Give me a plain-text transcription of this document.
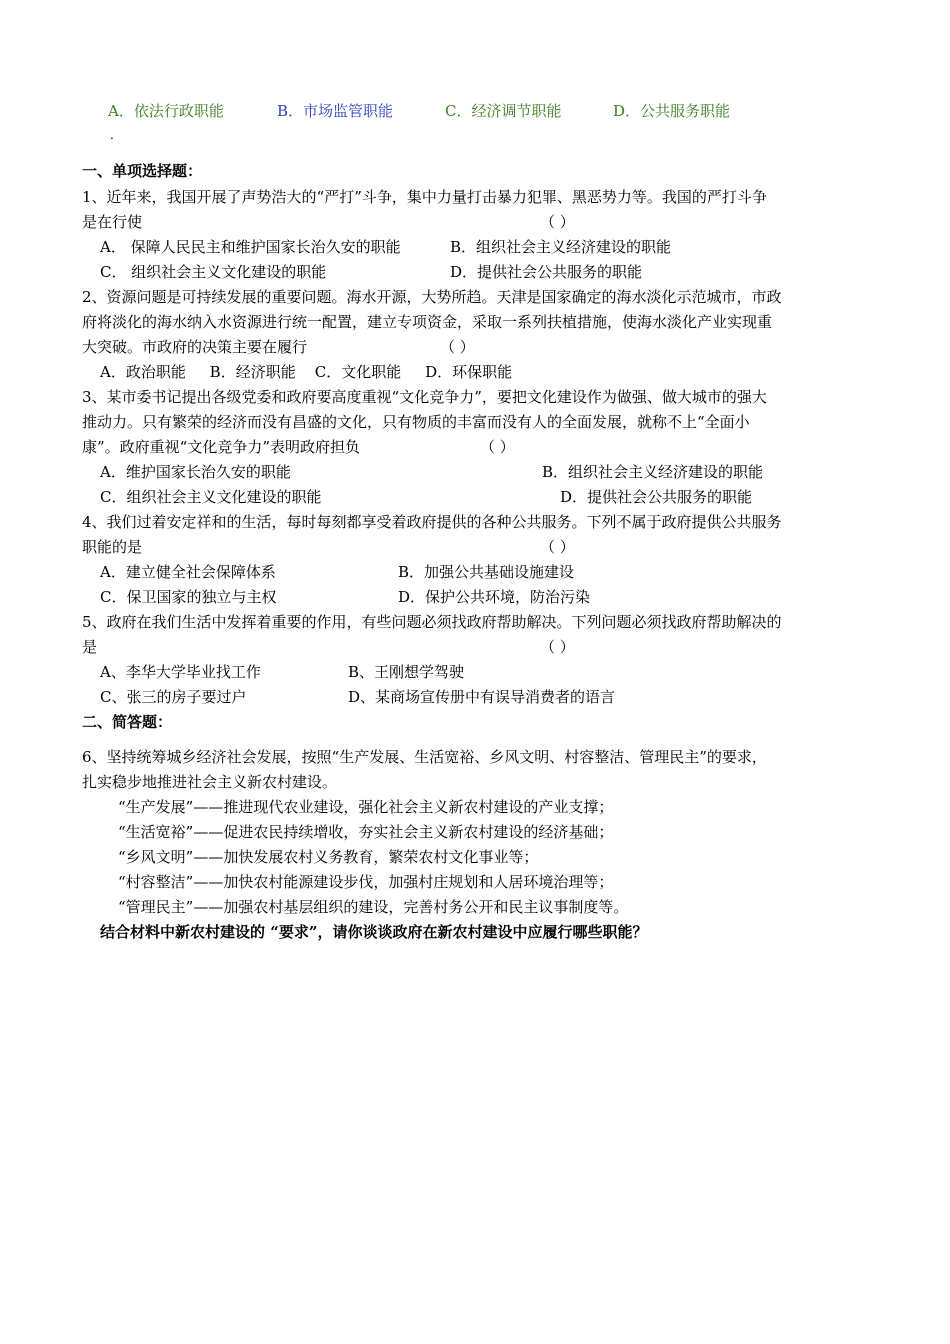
A．依法行政职能	B．市场监管职能	C．经济调节职能	D．公共服务职能
.
一、单项选择题：
1、近年来，我国开展了声势浩大的“严打”斗争，集中力量打击暴力犯罪、黑恶势力等。我国的严打斗争
是在行使	（ ）
A． 保障人民民主和维护国家长治久安的职能	B．组织社会主义经济建设的职能
C． 组织社会主义文化建设的职能	D．提供社会公共服务的职能
2、资源问题是可持续发展的重要问题。海水开源，大势所趋。天津是国家确定的海水淡化示范城市，市政
府将淡化的海水纳入水资源进行统一配置，建立专项资金，采取一系列扶植措施，使海水淡化产业实现重
大突破。市政府的决策主要在履行	（ ）
A．政治职能     B．经济职能    C．文化职能     D．环保职能
3、某市委书记提出各级党委和政府要高度重视“文化竞争力”，要把文化建设作为做强、做大城市的强大
推动力。只有繁荣的经济而没有昌盛的文化，只有物质的丰富而没有人的全面发展，就称不上“全面小
康”。政府重视“文化竞争力”表明政府担负	（ ）
A．维护国家长治久安的职能	B．组织社会主义经济建设的职能
C．组织社会主义文化建设的职能	D．提供社会公共服务的职能
4、我们过着安定祥和的生活，每时每刻都享受着政府提供的各种公共服务。下列不属于政府提供公共服务
职能的是	（ ）
A．建立健全社会保障体系	B．加强公共基础设施建设
C．保卫国家的独立与主权	D．保护公共环境，防治污染
5、政府在我们生活中发挥着重要的作用，有些问题必须找政府帮助解决。下列问题必须找政府帮助解决的
是	（ ）
A、李华大学毕业找工作	B、王刚想学驾驶
C、张三的房子要过户	D、某商场宣传册中有误导消费者的语言
二、简答题：
6、坚持统筹城乡经济社会发展，按照“生产发展、生活宽裕、乡风文明、村容整洁、管理民主”的要求，
扎实稳步地推进社会主义新农村建设。
“生产发展”——推进现代农业建设，强化社会主义新农村建设的产业支撑；
“生活宽裕”——促进农民持续增收，夯实社会主义新农村建设的经济基础；
“乡风文明”——加快发展农村义务教育，繁荣农村文化事业等；
“村容整洁”——加快农村能源建设步伐，加强村庄规划和人居环境治理等；
“管理民主”——加强农村基层组织的建设，完善村务公开和民主议事制度等。
结合材料中新农村建设的 “要求”，请你谈谈政府在新农村建设中应履行哪些职能？
